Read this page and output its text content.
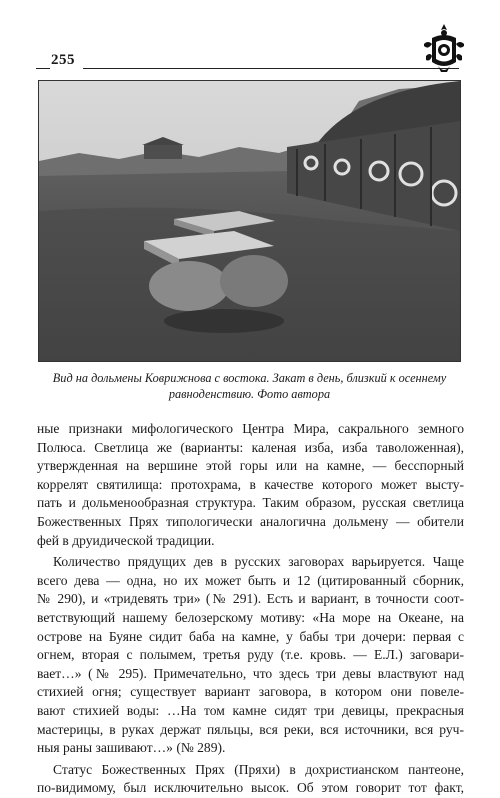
255
Вид на дольмены Коврижнова с востока. Закат в день, близкий к осеннему
равноденствию. Фото автора
ные признаки мифологического Центра Мира, сакрального земного
Полюса. Светлица же (варианты: каленая изба, изба таволоженная),
утвержденная на вершине этой горы или на камне, — бесспорный
коррелят святилища: протохрама, в качестве которого может высту-
пать и дольменообразная структура. Таким образом, русская светлица
Божественных Прях типологически аналогична дольмену — обители
фей в друидической традиции.
Количество прядущих дев в русских заговорах варьируется. Чаще
всего дева — одна, но их может быть и 12 (цитированный сборник,
№ 290), и «тридевять три» (№ 291). Есть и вариант, в точности соот-
ветствующий нашему белозерскому мотиву: «На море на Океане, на
острове на Буяне сидит баба на камне, у бабы три дочери: первая с
огнем, вторая с полымем, третья руду (т.е. кровь. — Е.Л.) заговари-
вает…» (№ 295). Примечательно, что здесь три девы властвуют над
стихией огня; существует вариант заговора, в котором они повеле-
вают стихией воды: …На том камне сидят три девицы, прекрасныя
мастерицы, в руках держат пяльцы, вся реки, вся источники, вся руч-
ныя раны зашивают…» (№ 289).
Статус Божественных Прях (Пряхи) в дохристианском пантеоне,
по-видимому, был исключительно высок. Об этом говорит тот факт,
